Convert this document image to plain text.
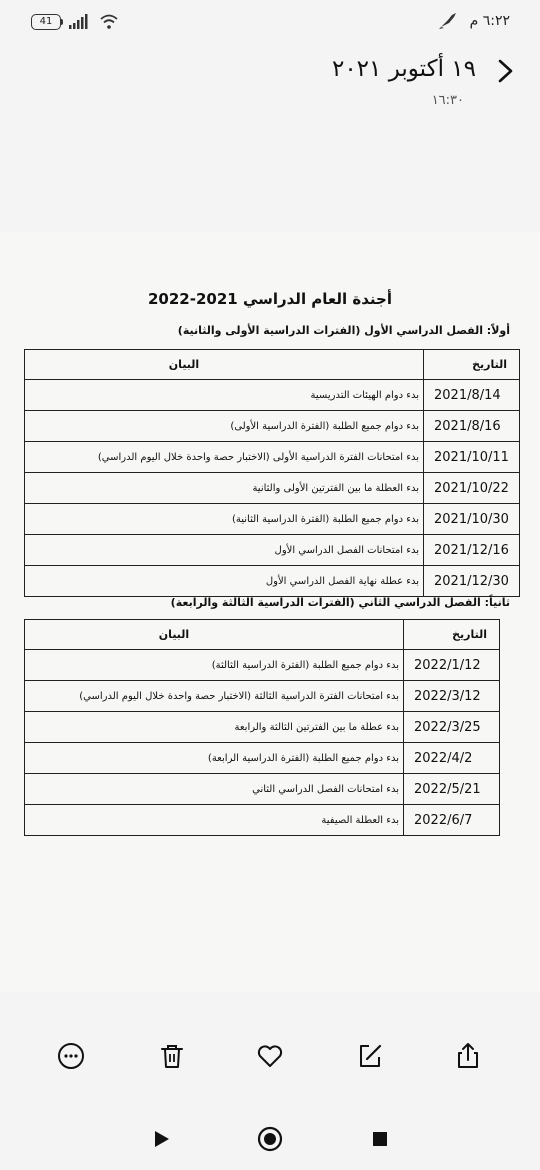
41	٦:٢٢ م
١٩ أكتوبر ٢٠٢١
١٦:٣٠
أجندة العام الدراسي 2021-2022
أولاً: الفصل الدراسي الأول (الفترات الدراسية الأولى والثانية)
التاريخ	البيان
2021/8/14	بدء دوام الهيئات التدريسية
2021/8/16	بدء دوام جميع الطلبة (الفترة الدراسية الأولى)
2021/10/11	بدء امتحانات الفترة الدراسية الأولى (الاختبار حصة واحدة خلال اليوم الدراسي)
2021/10/22	بدء العطلة ما بين الفترتين الأولى والثانية
2021/10/30	بدء دوام جميع الطلبة (الفترة الدراسية الثانية)
2021/12/16	بدء امتحانات الفصل الدراسي الأول
2021/12/30	بدء عطلة نهاية الفصل الدراسي الأول
ثانياً: الفصل الدراسي الثاني (الفترات الدراسية الثالثة والرابعة)
التاريخ	البيان
2022/1/12	بدء دوام جميع الطلبة (الفترة الدراسية الثالثة)
2022/3/12	بدء امتحانات الفترة الدراسية الثالثة (الاختبار حصة واحدة خلال اليوم الدراسي)
2022/3/25	بدء عطلة ما بين الفترتين الثالثة والرابعة
2022/4/2	بدء دوام جميع الطلبة (الفترة الدراسية الرابعة)
2022/5/21	بدء امتحانات الفصل الدراسي الثاني
2022/6/7	بدء العطلة الصيفية
